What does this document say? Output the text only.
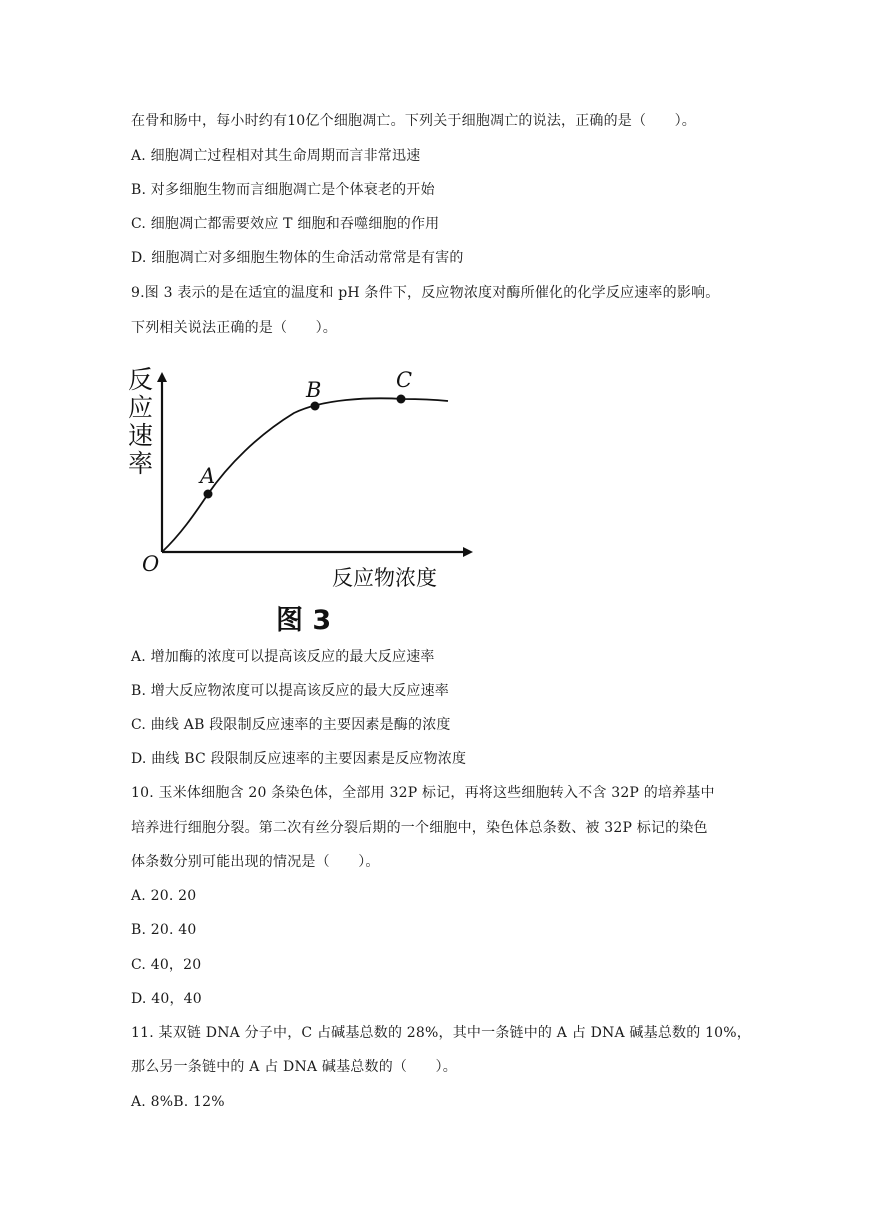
在骨和肠中，每小时约有10亿个细胞凋亡。下列关于细胞凋亡的说法，正确的是（　　）。
A. 细胞凋亡过程相对其生命周期而言非常迅速
B. 对多细胞生物而言细胞凋亡是个体衰老的开始
C. 细胞凋亡都需要效应 T 细胞和吞噬细胞的作用
D. 细胞凋亡对多细胞生物体的生命活动常常是有害的
9.图 3 表示的是在适宜的温度和 pH 条件下，反应物浓度对酶所催化的化学反应速率的影响。
下列相关说法正确的是（　　）。
反
应
速
率
O
反应物浓度
A
B	C
图 3
A. 增加酶的浓度可以提高该反应的最大反应速率
B. 增大反应物浓度可以提高该反应的最大反应速率
C. 曲线 AB 段限制反应速率的主要因素是酶的浓度
D. 曲线 BC 段限制反应速率的主要因素是反应物浓度
10. 玉米体细胞含 20 条染色体，全部用 32P 标记，再将这些细胞转入不含 32P 的培养基中
培养进行细胞分裂。第二次有丝分裂后期的一个细胞中，染色体总条数、被 32P 标记的染色
体条数分别可能出现的情况是（　　）。
A. 20. 20
B. 20. 40
C. 40，20
D. 40，40
11. 某双链 DNA 分子中，C 占碱基总数的 28%，其中一条链中的 A 占 DNA 碱基总数的 10%，
那么另一条链中的 A 占 DNA 碱基总数的（　　）。
A. 8%B. 12%
